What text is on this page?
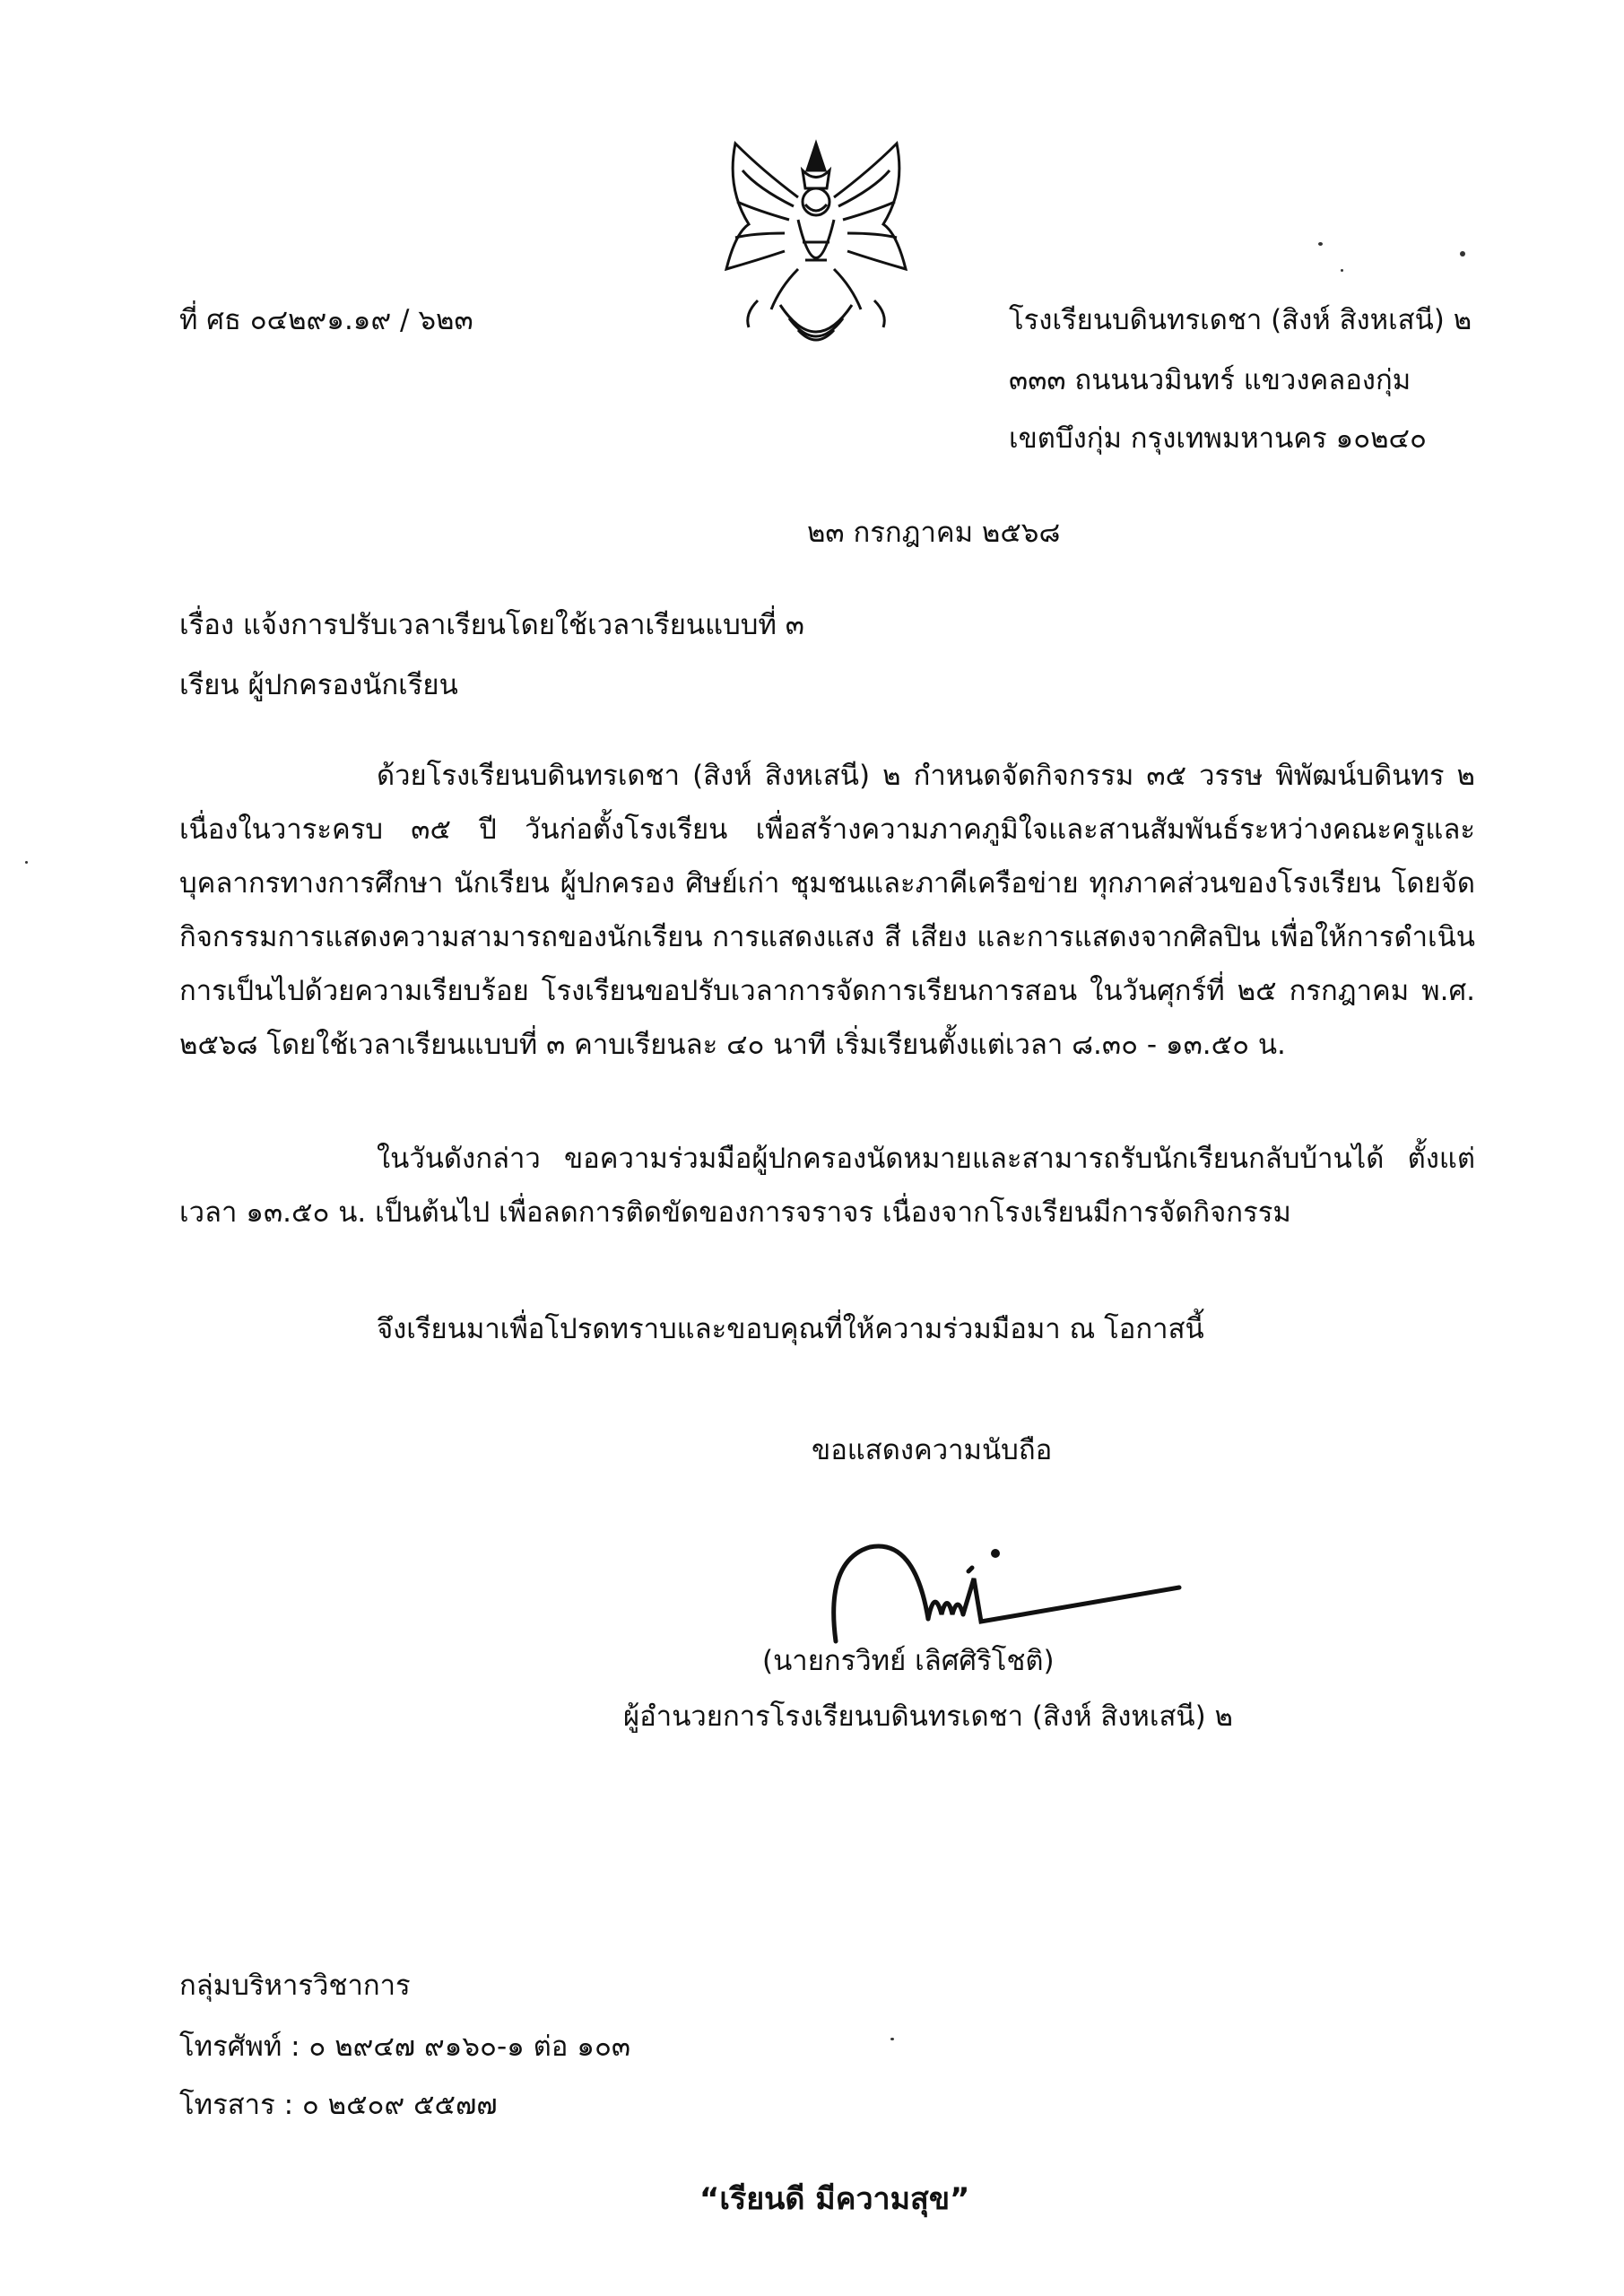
ที่ ศธ ๐๔๒๙๑.๑๙ / ๖๒๓	โรงเรียนบดินทรเดชา (สิงห์ สิงหเสนี) ๒
๓๓๓ ถนนนวมินทร์ แขวงคลองกุ่ม
เขตบึงกุ่ม กรุงเทพมหานคร ๑๐๒๔๐
๒๓ กรกฎาคม ๒๕๖๘
เรื่อง แจ้งการปรับเวลาเรียนโดยใช้เวลาเรียนแบบที่ ๓
เรียน ผู้ปกครองนักเรียน
ด้วยโรงเรียนบดินทรเดชา (สิงห์ สิงหเสนี) ๒ กำหนดจัดกิจกรรม ๓๕ วรรษ พิพัฒน์บดินทร ๒ เนื่องในวาระครบ ๓๕ ปี วันก่อตั้งโรงเรียน เพื่อสร้างความภาคภูมิใจและสานสัมพันธ์ระหว่างคณะครูและบุคลากรทางการศึกษา นักเรียน ผู้ปกครอง ศิษย์เก่า ชุมชนและภาคีเครือข่าย ทุกภาคส่วนของโรงเรียน โดยจัดกิจกรรมการแสดงความสามารถของนักเรียน การแสดงแสง สี เสียง และการแสดงจากศิลปิน เพื่อให้การดำเนินการเป็นไปด้วยความเรียบร้อย โรงเรียนขอปรับเวลาการจัดการเรียนการสอน ในวันศุกร์ที่ ๒๕ กรกฎาคม พ.ศ. ๒๕๖๘ โดยใช้เวลาเรียนแบบที่ ๓ คาบเรียนละ ๔๐ นาที เริ่มเรียนตั้งแต่เวลา ๘.๓๐ - ๑๓.๕๐ น.
ในวันดังกล่าว ขอความร่วมมือผู้ปกครองนัดหมายและสามารถรับนักเรียนกลับบ้านได้ ตั้งแต่เวลา ๑๓.๕๐ น. เป็นต้นไป เพื่อลดการติดขัดของการจราจร เนื่องจากโรงเรียนมีการจัดกิจกรรม
จึงเรียนมาเพื่อโปรดทราบและขอบคุณที่ให้ความร่วมมือมา ณ โอกาสนี้
ขอแสดงความนับถือ
(นายกรวิทย์ เลิศศิริโชติ)
ผู้อำนวยการโรงเรียนบดินทรเดชา (สิงห์ สิงหเสนี) ๒
กลุ่มบริหารวิชาการ
โทรศัพท์ : ๐ ๒๙๔๗ ๙๑๖๐-๑ ต่อ ๑๐๓
โทรสาร : ๐ ๒๕๐๙ ๕๕๗๗
“เรียนดี มีความสุข”
